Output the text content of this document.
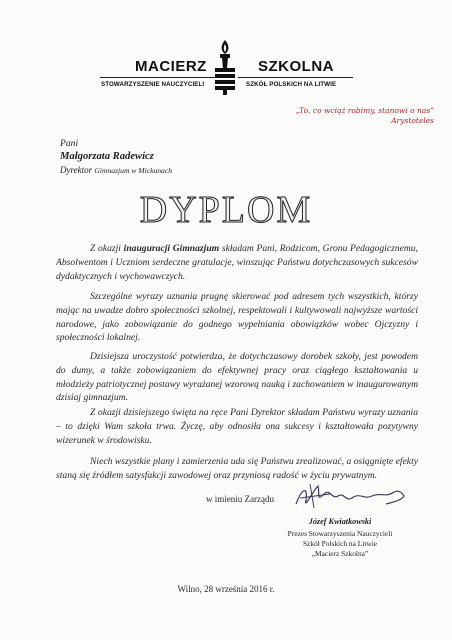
MACIERZ	SZKOLNA
STOWARZYSZENIE NAUCZYCIELI	SZKÓŁ POLSKICH NA LITWIE
„To, co wciąż robimy, stanowi o nas”
Arystoteles
Pani
Małgorzata Radewicz
Dyrektor Gimnazjum w Mickunach
DYPLOM
Z okazji inauguracji Gimnazjum składam Pani, Rodzicom, Gronu Pedagogicznemu, Absolwentom i Uczniom serdeczne gratulacje, winszując Państwu dotychczasowych sukcesów dydaktycznych i wychowawczych.
Szczególne wyrazy uznania pragnę skierować pod adresem tych wszystkich, którzy mając na uwadze dobro społeczności szkolnej, respektowali i kultywowali najwyższe wartości narodowe, jako zobowiązanie do godnego wypełniania obowiązków wobec Ojczyzny i społeczności lokalnej.
Dzisiejsza uroczystość potwierdza, że dotychczasowy dorobek szkoły, jest powodem do dumy, a także zobowiązaniem do efektywnej pracy oraz ciągłego kształtowania u młodzieży patriotycznej postawy wyrażanej wzorową nauką i zachowaniem w inaugurowanym dzisiaj gimnazjum.
Z okazji dzisiejszego święta na ręce Pani Dyrektor składam Państwu wyrazy uznania – to dzięki Wam szkoła trwa. Życzę, aby odnosiła ona sukcesy i kształtowała pozytywny wizerunek w środowisku.
Niech wszystkie plany i zamierzenia uda się Państwu zrealizować, a osiągnięte efekty staną się źródłem satysfakcji zawodowej oraz przyniosą radość w życiu prywatnym.
w imieniu Zarządu
Józef Kwiatkowski
Prezes Stowarzyszenia Nauczycieli
Szkół Polskich na Litwie
„Macierz Szkolna”
Wilno, 28 września 2016 r.
